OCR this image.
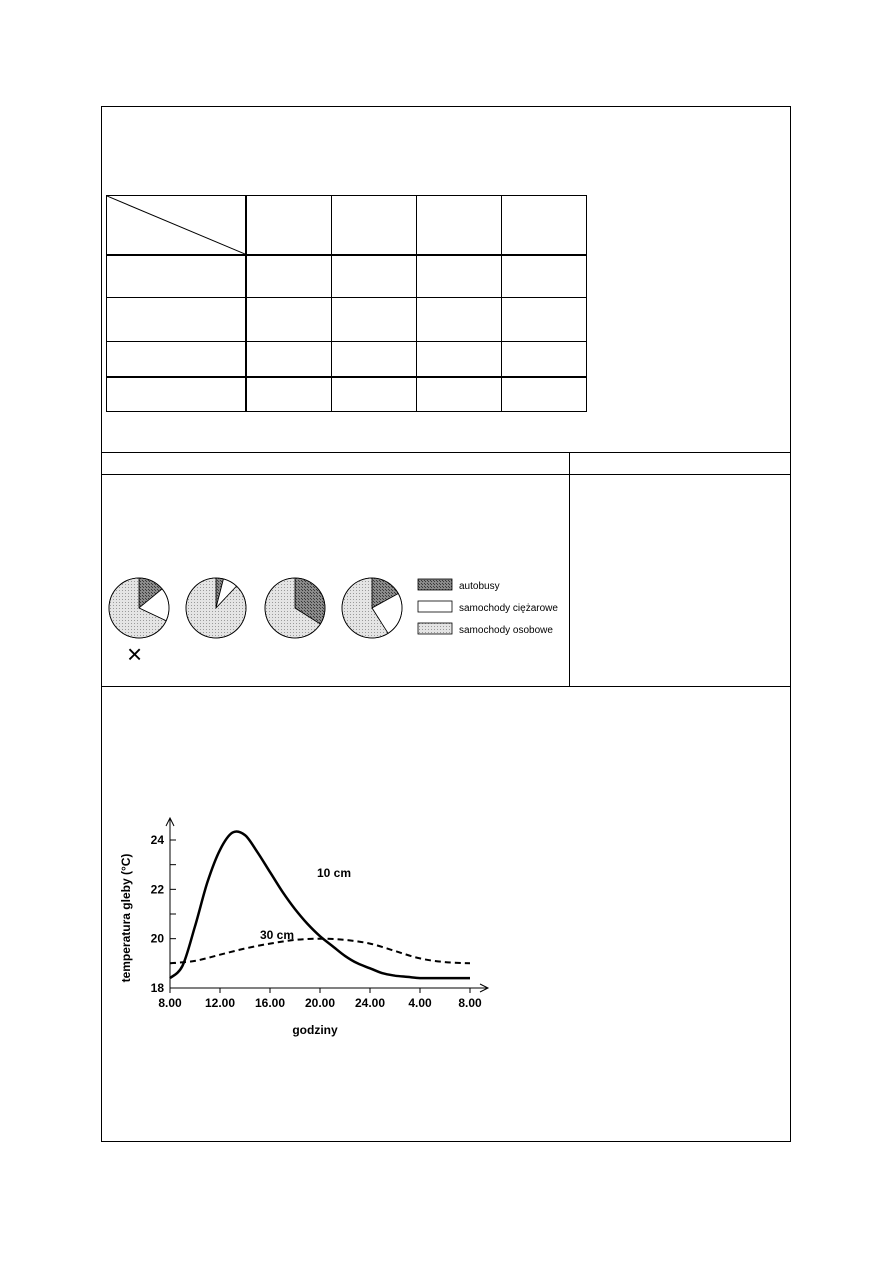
autobusy
samochody ciężarowe
samochody osobowe
×
18
20
22
24
8.00 12.00 16.00 20.00 24.00 4.00 8.00
10 cm
30 cm
godziny
temperatura gleby (°C)
